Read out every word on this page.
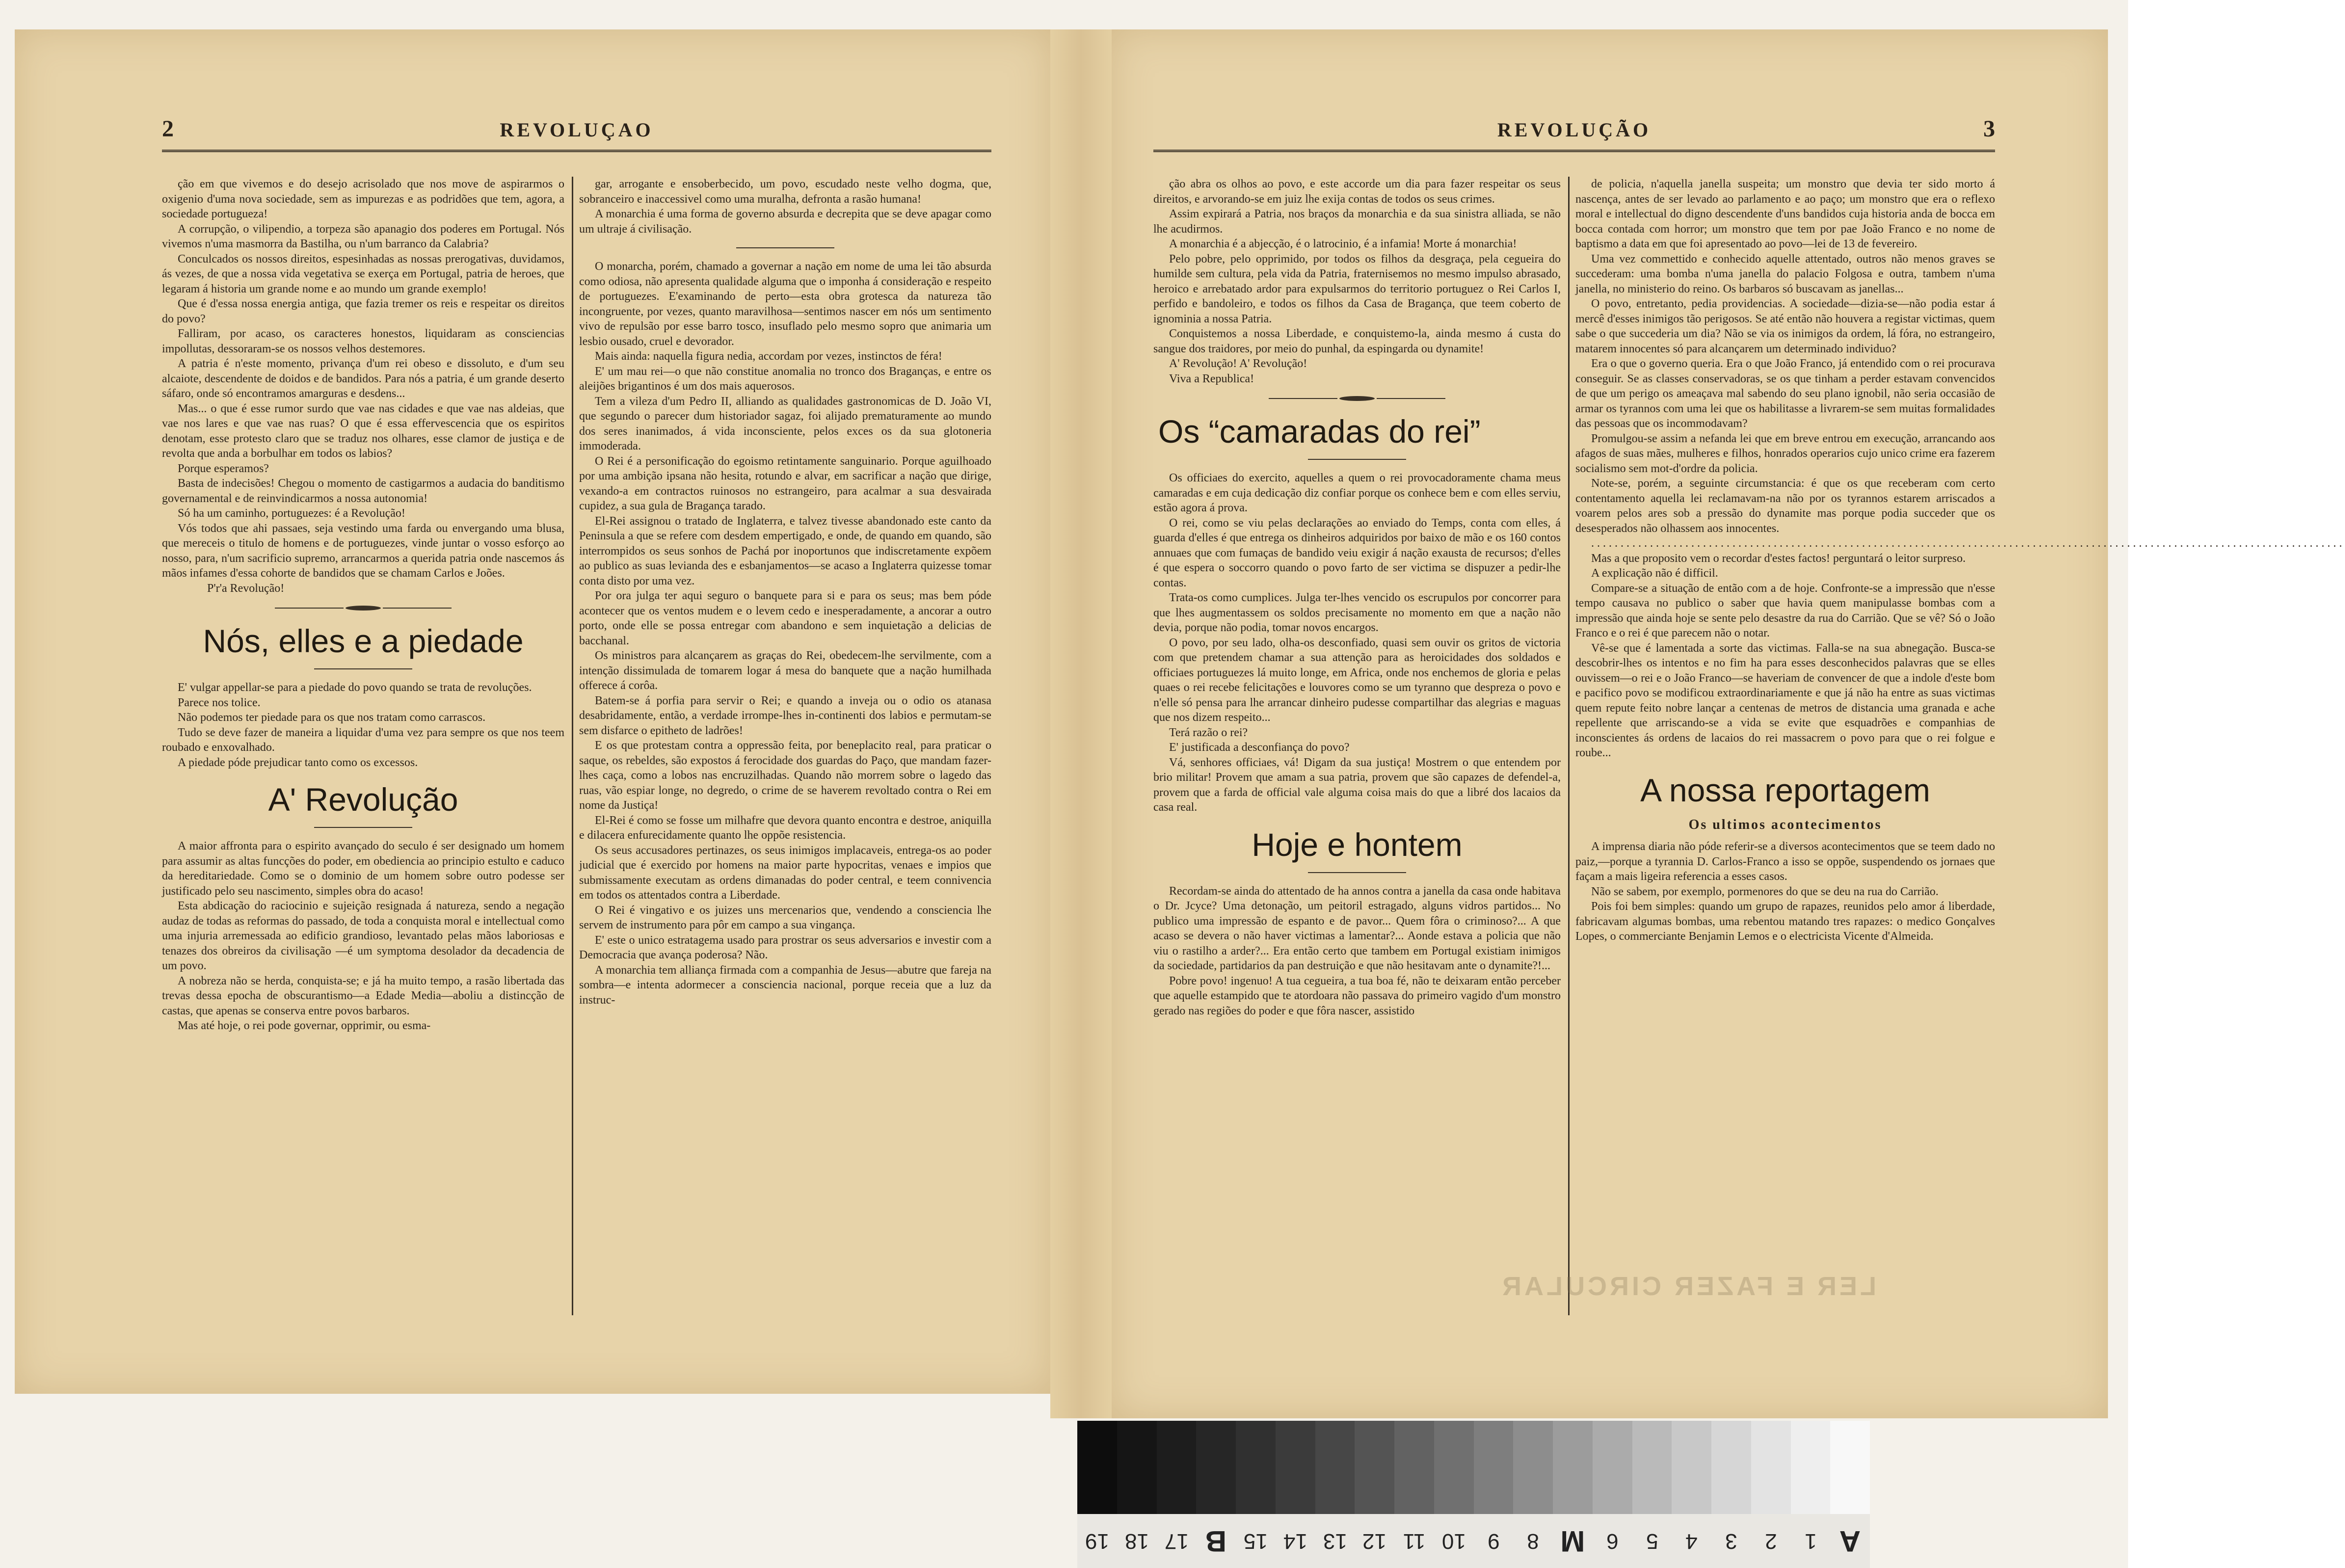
2	REVOLUÇAO

ção em que vivemos e do desejo acrisolado que nos move de aspirarmos o oxigenio d'uma nova sociedade, sem as impurezas e as podridões que tem, agora, a sociedade portugueza!

A corrupção, o vilipendio, a torpeza são apanagio dos poderes em Portugal. Nós vivemos n'uma masmorra da Bastilha, ou n'um barranco da Calabria?

Conculcados os nossos direitos, espesinhadas as nossas prerogativas, duvidamos, ás vezes, de que a nossa vida vegetativa se exerça em Portugal, patria de heroes, que legaram á historia um grande nome e ao mundo um grande exemplo!

Que é d'essa nossa energia antiga, que fazia tremer os reis e respeitar os direitos do povo?

Falliram, por acaso, os caracteres honestos, liquidaram as consciencias impollutas, dessoraram-se os nossos velhos destemores.

A patria é n'este momento, privança d'um rei obeso e dissoluto, e d'um seu alcaiote, descendente de doidos e de bandidos. Para nós a patria, é um grande deserto sáfaro, onde só encontramos amarguras e desdens...

Mas... o que é esse rumor surdo que vae nas cidades e que vae nas aldeias, que vae nos lares e que vae nas ruas? O que é essa effervescencia que os espiritos denotam, esse protesto claro que se traduz nos olhares, esse clamor de justiça e de revolta que anda a borbulhar em todos os labios?

Porque esperamos?

Basta de indecisões! Chegou o momento de castigarmos a audacia do banditismo governamental e de reinvindicarmos a nossa autonomia!

Só ha um caminho, portuguezes: é a Revolução!

Vós todos que ahi passaes, seja vestindo uma farda ou envergando uma blusa, que mereceis o titulo de homens e de portuguezes, vinde juntar o vosso esforço ao nosso, para, n'um sacrificio supremo, arrancarmos a querida patria onde nascemos ás mãos infames d'essa cohorte de bandidos que se chamam Carlos e Joões.

P'r'a Revolução!

Nós, elles e a piedade

E' vulgar appellar-se para a piedade do povo quando se trata de revoluções.

Parece nos tolice.

Não podemos ter piedade para os que nos tratam como carrascos.

Tudo se deve fazer de maneira a liquidar d'uma vez para sempre os que nos teem roubado e enxovalhado.

A piedade póde prejudicar tanto como os excessos.

A' Revolução

A maior affronta para o espirito avançado do seculo é ser designado um homem para assumir as altas funcções do poder, em obediencia ao principio estulto e caduco da hereditariedade. Como se o dominio de um homem sobre outro podesse ser justificado pelo seu nascimento, simples obra do acaso!

Esta abdicação do raciocinio e sujeição resignada á natureza, sendo a negação audaz de todas as reformas do passado, de toda a conquista moral e intellectual como uma injuria arremessada ao edificio grandioso, levantado pelas mãos laboriosas e tenazes dos obreiros da civilisação —é um symptoma desolador da decadencia de um povo.

A nobreza não se herda, conquista-se; e já ha muito tempo, a rasão libertada das trevas dessa epocha de obscurantismo—a Edade Media—aboliu a distincção de castas, que apenas se conserva entre povos barbaros.

Mas até hoje, o rei pode governar, opprimir, ou esma-

gar, arrogante e ensoberbecido, um povo, escudado neste velho dogma, que, sobranceiro e inaccessivel como uma muralha, defronta a rasão humana!

A monarchia é uma forma de governo absurda e decrepita que se deve apagar como um ultraje á civilisação.

O monarcha, porém, chamado a governar a nação em nome de uma lei tão absurda como odiosa, não apresenta qualidade alguma que o imponha á consideração e respeito de portuguezes. E'examinando de perto—esta obra grotesca da natureza tão incongruente, por vezes, quanto maravilhosa—sentimos nascer em nós um sentimento vivo de repulsão por esse barro tosco, insuflado pelo mesmo sopro que animaria um lesbio ousado, cruel e devorador.

Mais ainda: naquella figura nedia, accordam por vezes, instinctos de féra!

E' um mau rei—o que não constitue anomalia no tronco dos Braganças, e entre os aleijões brigantinos é um dos mais aquerosos.

Tem a vileza d'um Pedro II, alliando as qualidades gastronomicas de D. João VI, que segundo o parecer dum historiador sagaz, foi alijado prematuramente ao mundo dos seres inanimados, á vida inconsciente, pelos exces os da sua glotoneria immoderada.

O Rei é a personificação do egoismo retintamente sanguinario. Porque aguilhoado por uma ambição ipsana não hesita, rotundo e alvar, em sacrificar a nação que dirige, vexando-a em contractos ruinosos no estrangeiro, para acalmar a sua desvairada cupidez, a sua gula de Bragança tarado.

El-Rei assignou o tratado de Inglaterra, e talvez tivesse abandonado este canto da Peninsula a que se refere com desdem empertigado, e onde, de quando em quando, são interrompidos os seus sonhos de Pachá por inoportunos que indiscretamente expõem ao publico as suas levianda des e esbanjamentos—se acaso a Inglaterra quizesse tomar conta disto por uma vez.

Por ora julga ter aqui seguro o banquete para si e para os seus; mas bem póde acontecer que os ventos mudem e o levem cedo e inesperadamente, a ancorar a outro porto, onde elle se possa entregar com abandono e sem inquietação a delicias de bacchanal.

Os ministros para alcançarem as graças do Rei, obedecem-lhe servilmente, com a intenção dissimulada de tomarem logar á mesa do banquete que a nação humilhada offerece á corôa.

Batem-se á porfia para servir o Rei; e quando a inveja ou o odio os atanasa desabridamente, então, a verdade irrompe-lhes in-continenti dos labios e permutam-se sem disfarce o epitheto de ladrões!

E os que protestam contra a oppressão feita, por beneplacito real, para praticar o saque, os rebeldes, são expostos á ferocidade dos guardas do Paço, que mandam fazer-lhes caça, como a lobos nas encruzilhadas. Quando não morrem sobre o lagedo das ruas, vão espiar longe, no degredo, o crime de se haverem revoltado contra o Rei em nome da Justiça!

El-Rei é como se fosse um milhafre que devora quanto encontra e destroe, aniquilla e dilacera enfurecidamente quanto lhe oppõe resistencia.

Os seus accusadores pertinazes, os seus inimigos implacaveis, entrega-os ao poder judicial que é exercido por homens na maior parte hypocritas, venaes e impios que submissamente executam as ordens dimanadas do poder central, e teem connivencia em todos os attentados contra a Liberdade.

O Rei é vingativo e os juizes uns mercenarios que, vendendo a consciencia lhe servem de instrumento para pôr em campo a sua vingança.

E' este o unico estratagema usado para prostrar os seus adversarios e investir com a Democracia que avança poderosa? Não.

A monarchia tem alliança firmada com a companhia de Jesus—abutre que fareja na sombra—e intenta adormecer a consciencia nacional, porque receia que a luz da instruc-

REVOLUÇÃO	3

ção abra os olhos ao povo, e este accorde um dia para fazer respeitar os seus direitos, e arvorando-se em juiz lhe exija contas de todos os seus crimes.

Assim expirará a Patria, nos braços da monarchia e da sua sinistra alliada, se não lhe acudirmos.

A monarchia é a abjecção, é o latrocinio, é a infamia! Morte á monarchia!

Pelo pobre, pelo opprimido, por todos os filhos da desgraça, pela cegueira do humilde sem cultura, pela vida da Patria, fraternisemos no mesmo impulso abrasado, heroico e arrebatado ardor para expulsarmos do territorio portuguez o Rei Carlos I, perfido e bandoleiro, e todos os filhos da Casa de Bragança, que teem coberto de ignominia a nossa Patria.

Conquistemos a nossa Liberdade, e conquistemo-la, ainda mesmo á custa do sangue dos traidores, por meio do punhal, da espingarda ou dynamite!

A' Revolução! A' Revolução!

Viva a Republica!

Os “camaradas do rei”

Os officiaes do exercito, aquelles a quem o rei provocadoramente chama meus camaradas e em cuja dedicação diz confiar porque os conhece bem e com elles serviu, estão agora á prova.

O rei, como se viu pelas declarações ao enviado do Temps, conta com elles, á guarda d'elles é que entrega os dinheiros adquiridos por baixo de mão e os 160 contos annuaes que com fumaças de bandido veiu exigir á nação exausta de recursos; d'elles é que espera o soccorro quando o povo farto de ser victima se dispuzer a pedir-lhe contas.

Trata-os como cumplices. Julga ter-lhes vencido os escrupulos por concorrer para que lhes augmentassem os soldos precisamente no momento em que a nação não devia, porque não podia, tomar novos encargos.

O povo, por seu lado, olha-os desconfiado, quasi sem ouvir os gritos de victoria com que pretendem chamar a sua attenção para as heroicidades dos soldados e officiaes portuguezes lá muito longe, em Africa, onde nos enchemos de gloria e pelas quaes o rei recebe felicitações e louvores como se um tyranno que despreza o povo e n'elle só pensa para lhe arrancar dinheiro pudesse compartilhar das alegrias e maguas que nos dizem respeito...

Terá razão o rei?

E' justificada a desconfiança do povo?

Vá, senhores officiaes, vá! Digam da sua justiça! Mostrem o que entendem por brio militar! Provem que amam a sua patria, provem que são capazes de defendel-a, provem que a farda de official vale alguma coisa mais do que a libré dos lacaios da casa real.

Hoje e hontem

Recordam-se ainda do attentado de ha annos contra a janella da casa onde habitava o Dr. Jcyce? Uma detonação, um peitoril estragado, alguns vidros partidos... No publico uma impressão de espanto e de pavor... Quem fôra o criminoso?... A que acaso se devera o não haver victimas a lamentar?... Aonde estava a policia que não viu o rastilho a arder?... Era então certo que tambem em Portugal existiam inimigos da sociedade, partidarios da pan destruição e que não hesitavam ante o dynamite?!...

Pobre povo! ingenuo! A tua cegueira, a tua boa fé, não te deixaram então perceber que aquelle estampido que te atordoara não passava do primeiro vagido d'um monstro gerado nas regiões do poder e que fôra nascer, assistido

de policia, n'aquella janella suspeita; um monstro que devia ter sido morto á nascença, antes de ser levado ao parlamento e ao paço; um monstro que era o reflexo moral e intellectual do digno descendente d'uns bandidos cuja historia anda de bocca em bocca contada com horror; um monstro que tem por pae João Franco e no nome de baptismo a data em que foi apresentado ao povo—lei de 13 de fevereiro.

Uma vez commettido e conhecido aquelle attentado, outros não menos graves se succederam: uma bomba n'uma janella do palacio Folgosa e outra, tambem n'uma janella, no ministerio do reino. Os barbaros só buscavam as janellas...

O povo, entretanto, pedia providencias. A sociedade—dizia-se—não podia estar á mercê d'esses inimigos tão perigosos. Se até então não houvera a registar victimas, quem sabe o que succederia um dia? Não se via os inimigos da ordem, lá fóra, no estrangeiro, matarem innocentes só para alcançarem um determinado individuo?

Era o que o governo queria. Era o que João Franco, já entendido com o rei procurava conseguir. Se as classes conservadoras, se os que tinham a perder estavam convencidos de que um perigo os ameaçava mal sabendo do seu plano ignobil, não seria occasião de armar os tyrannos com uma lei que os habilitasse a livrarem-se sem muitas formalidades das pessoas que os incommodavam?

Promulgou-se assim a nefanda lei que em breve entrou em execução, arrancando aos afagos de suas mães, mulheres e filhos, honrados operarios cujo unico crime era fazerem socialismo sem mot-d'ordre da policia.

Note-se, porém, a seguinte circumstancia: é que os que receberam com certo contentamento aquella lei reclamavam-na não por os tyrannos estarem arriscados a voarem pelos ares sob a pressão do dynamite mas porque podia succeder que os desesperados não olhassem aos innocentes.

................................................................................................................................

Mas a que proposito vem o recordar d'estes factos! perguntará o leitor surpreso.

A explicação não é difficil.

Compare-se a situação de então com a de hoje. Confronte-se a impressão que n'esse tempo causava no publico o saber que havia quem manipulasse bombas com a impressão que ainda hoje se sente pelo desastre da rua do Carrião. Que se vê? Só o João Franco e o rei é que parecem não o notar.

Vê-se que é lamentada a sorte das victimas. Falla-se na sua abnegação. Busca-se descobrir-lhes os intentos e no fim ha para esses desconhecidos palavras que se elles ouvissem—o rei e o João Franco—se haveriam de convencer de que a indole d'este bom e pacifico povo se modificou extraordinariamente e que já não ha entre as suas victimas quem repute feito nobre lançar a centenas de metros de distancia uma granada e ache repellente que arriscando-se a vida se evite que esquadrões e companhias de inconscientes ás ordens de lacaios do rei massacrem o povo para que o rei folgue e roube...

A nossa reportagem
Os ultimos acontecimentos

A imprensa diaria não póde referir-se a diversos acontecimentos que se teem dado no paiz,—porque a tyrannia D. Carlos-Franco a isso se oppõe, suspendendo os jornaes que façam a mais ligeira referencia a esses casos.

Não se sabem, por exemplo, pormenores do que se deu na rua do Carrião.

Pois foi bem simples: quando um grupo de rapazes, reunidos pelo amor á liberdade, fabricavam algumas bombas, uma rebentou matando tres rapazes: o medico Gonçalves Lopes, o commerciante Benjamin Lemos e o electricista Vicente d'Almeida.

LER E FAZER CIRCULAR
19 18 17 B 15 14 13 12 11 10	9	8 M 6	5	4	3	2	1 A
